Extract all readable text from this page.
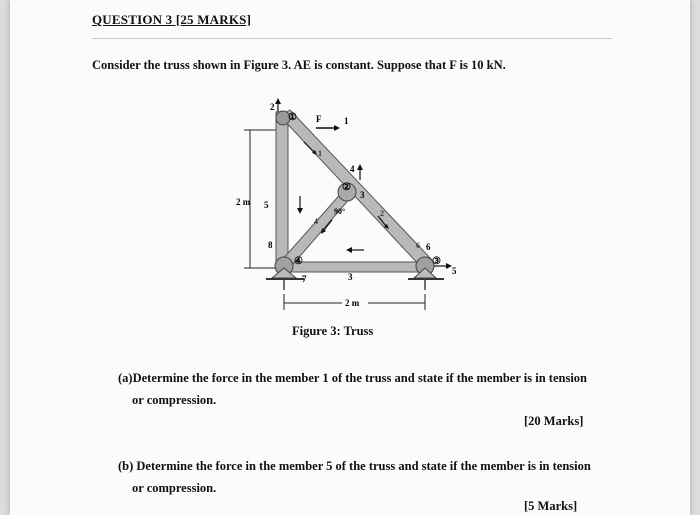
QUESTION 3 [25 MARKS]
Consider the truss shown in Figure 3. AE is constant. Suppose that F is 10 kN.
2 m
F
2
①	1
1
4
②
3
90°	2
4
5
8
④
3
7
6 6
③
5
2 m
Figure 3: Truss
(a)Determine the force in the member 1 of the truss and state if the member is in tension
or compression.
[20 Marks]
(b) Determine the force in the member 5 of the truss and state if the member is in tension
or compression.
[5 Marks]
